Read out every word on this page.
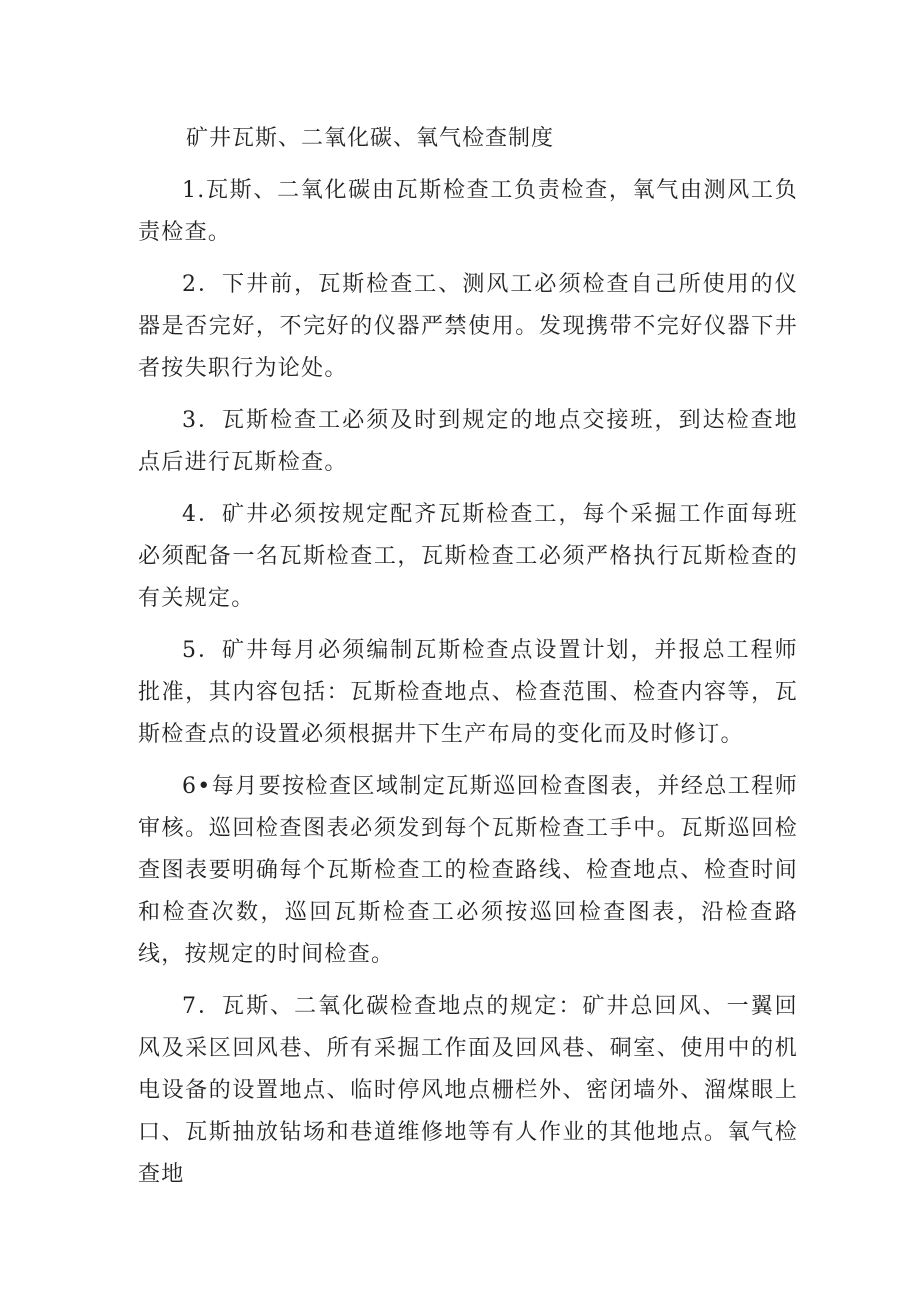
矿井瓦斯、二氧化碳、氧气检查制度

1.瓦斯、二氧化碳由瓦斯检查工负责检查，氧气由测风工负责检查。

2．下井前，瓦斯检查工、测风工必须检查自己所使用的仪器是否完好，不完好的仪器严禁使用。发现携带不完好仪器下井者按失职行为论处。

3．瓦斯检查工必须及时到规定的地点交接班，到达检查地点后进行瓦斯检查。

4．矿井必须按规定配齐瓦斯检查工，每个采掘工作面每班必须配备一名瓦斯检查工，瓦斯检查工必须严格执行瓦斯检查的有关规定。

5．矿井每月必须编制瓦斯检查点设置计划，并报总工程师批准，其内容包括：瓦斯检查地点、检查范围、检查内容等，瓦斯检查点的设置必须根据井下生产布局的变化而及时修订。

6•每月要按检查区域制定瓦斯巡回检查图表，并经总工程师审核。巡回检查图表必须发到每个瓦斯检查工手中。瓦斯巡回检查图表要明确每个瓦斯检查工的检查路线、检查地点、检查时间和检查次数，巡回瓦斯检查工必须按巡回检查图表，沿检查路线，按规定的时间检查。

7．瓦斯、二氧化碳检查地点的规定：矿井总回风、一翼回风及采区回风巷、所有采掘工作面及回风巷、硐室、使用中的机电设备的设置地点、临时停风地点栅栏外、密闭墙外、溜煤眼上口、瓦斯抽放钻场和巷道维修地等有人作业的其他地点。氧气检查地
